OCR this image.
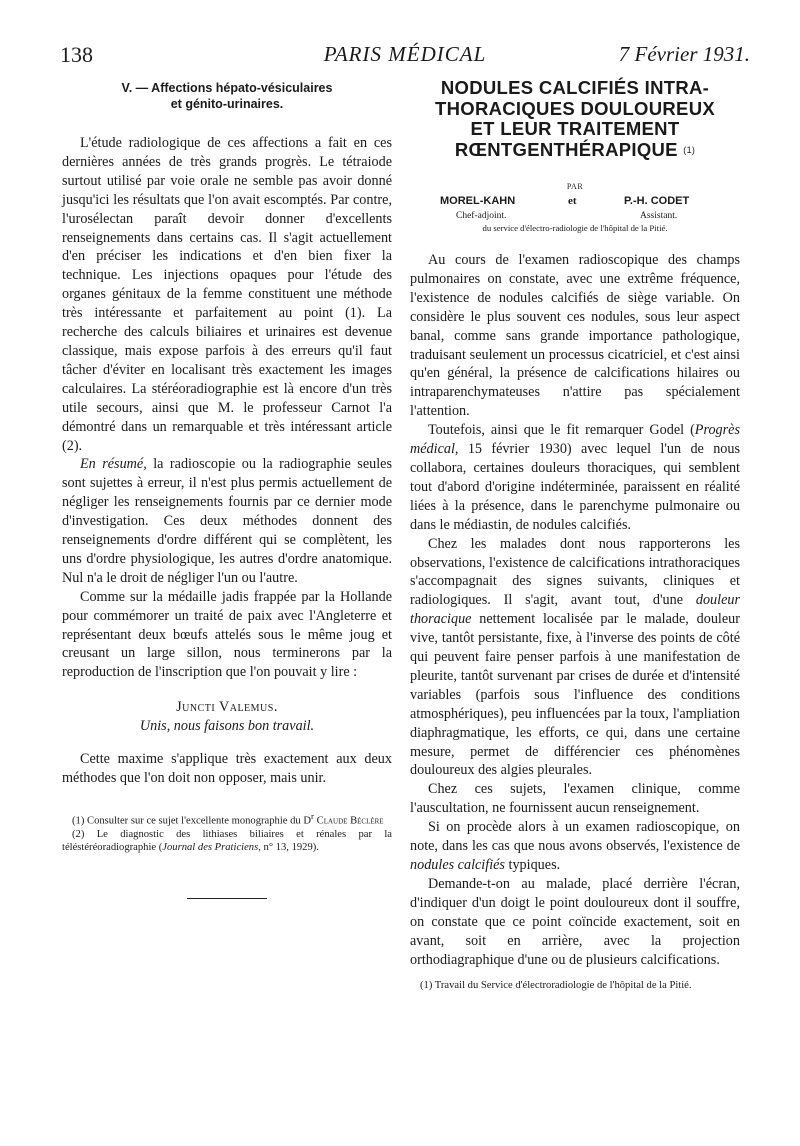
138	PARIS MÉDICAL	7 Février 1931.

V. — Affections hépato-vésiculaires
et génito-urinaires.

L'étude radiologique de ces affections a fait en ces dernières années de très grands progrès. Le tétraiode surtout utilisé par voie orale ne semble pas avoir donné jusqu'ici les résultats que l'on avait escomptés. Par contre, l'urosélectan paraît devoir donner d'excellents renseignements dans certains cas. Il s'agit actuellement d'en préciser les indications et d'en bien fixer la technique. Les injections opaques pour l'étude des organes génitaux de la femme constituent une méthode très intéressante et parfaitement au point (1). La recherche des calculs biliaires et urinaires est devenue classique, mais expose parfois à des erreurs qu'il faut tâcher d'éviter en localisant très exactement les images calculaires. La stéréoradiographie est là encore d'un très utile secours, ainsi que M. le professeur Carnot l'a démontré dans un remarquable et très intéressant article (2).

En résumé, la radioscopie ou la radiographie seules sont sujettes à erreur, il n'est plus permis actuellement de négliger les renseignements fournis par ce dernier mode d'investigation. Ces deux méthodes donnent des renseignements d'ordre différent qui se complètent, les uns d'ordre physiologique, les autres d'ordre anatomique. Nul n'a le droit de négliger l'un ou l'autre.

Comme sur la médaille jadis frappée par la Hollande pour commémorer un traité de paix avec l'Angleterre et représentant deux bœufs attelés sous le même joug et creusant un large sillon, nous terminerons par la reproduction de l'inscription que l'on pouvait y lire :

Juncti Valemus.
Unis, nous faisons bon travail.

Cette maxime s'applique très exactement aux deux méthodes que l'on doit non opposer, mais unir.

(1) Consulter sur ce sujet l'excellente monographie du $D^r$ Claude Béclère

(2) Le diagnostic des lithiases biliaires et rénales par la téléstéréoradiographie (Journal des Praticiens, n° 13, 1929).

NODULES CALCIFIÉS INTRA-
THORACIQUES DOULOUREUX
ET LEUR TRAITEMENT
RŒNTGENTHÉRAPIQUE $^{(1)}$
PAR
MOREL-KAHN	et	P.-H. CODET
Chef-adjoint.	Assistant.
du service d'électro-radiologie de l'hôpital de la Pitié.

Au cours de l'examen radioscopique des champs pulmonaires on constate, avec une extrême fréquence, l'existence de nodules calcifiés de siège variable. On considère le plus souvent ces nodules, sous leur aspect banal, comme sans grande importance pathologique, traduisant seulement un processus cicatriciel, et c'est ainsi qu'en général, la présence de calcifications hilaires ou intraparenchymateuses n'attire pas spécialement l'attention.

Toutefois, ainsi que le fit remarquer Godel (Progrès médical, 15 février 1930) avec lequel l'un de nous collabora, certaines douleurs thoraciques, qui semblent tout d'abord d'origine indéterminée, paraissent en réalité liées à la présence, dans le parenchyme pulmonaire ou dans le médiastin, de nodules calcifiés.

Chez les malades dont nous rapporterons les observations, l'existence de calcifications intrathoraciques s'accompagnait des signes suivants, cliniques et radiologiques. Il s'agit, avant tout, d'une douleur thoracique nettement localisée par le malade, douleur vive, tantôt persistante, fixe, à l'inverse des points de côté qui peuvent faire penser parfois à une manifestation de pleurite, tantôt survenant par crises de durée et d'intensité variables (parfois sous l'influence des conditions atmosphériques), peu influencées par la toux, l'ampliation diaphragmatique, les efforts, ce qui, dans une certaine mesure, permet de différencier ces phénomènes douloureux des algies pleurales.

Chez ces sujets, l'examen clinique, comme l'auscultation, ne fournissent aucun renseignement.

Si on procède alors à un examen radioscopique, on note, dans les cas que nous avons observés, l'existence de nodules calcifiés typiques.

Demande-t-on au malade, placé derrière l'écran, d'indiquer d'un doigt le point douloureux dont il souffre, on constate que ce point coïncide exactement, soit en avant, soit en arrière, avec la projection orthodiagraphique d'une ou de plusieurs calcifications.

(1) Travail du Service d'électroradiologie de l'hôpital de la Pitié.
